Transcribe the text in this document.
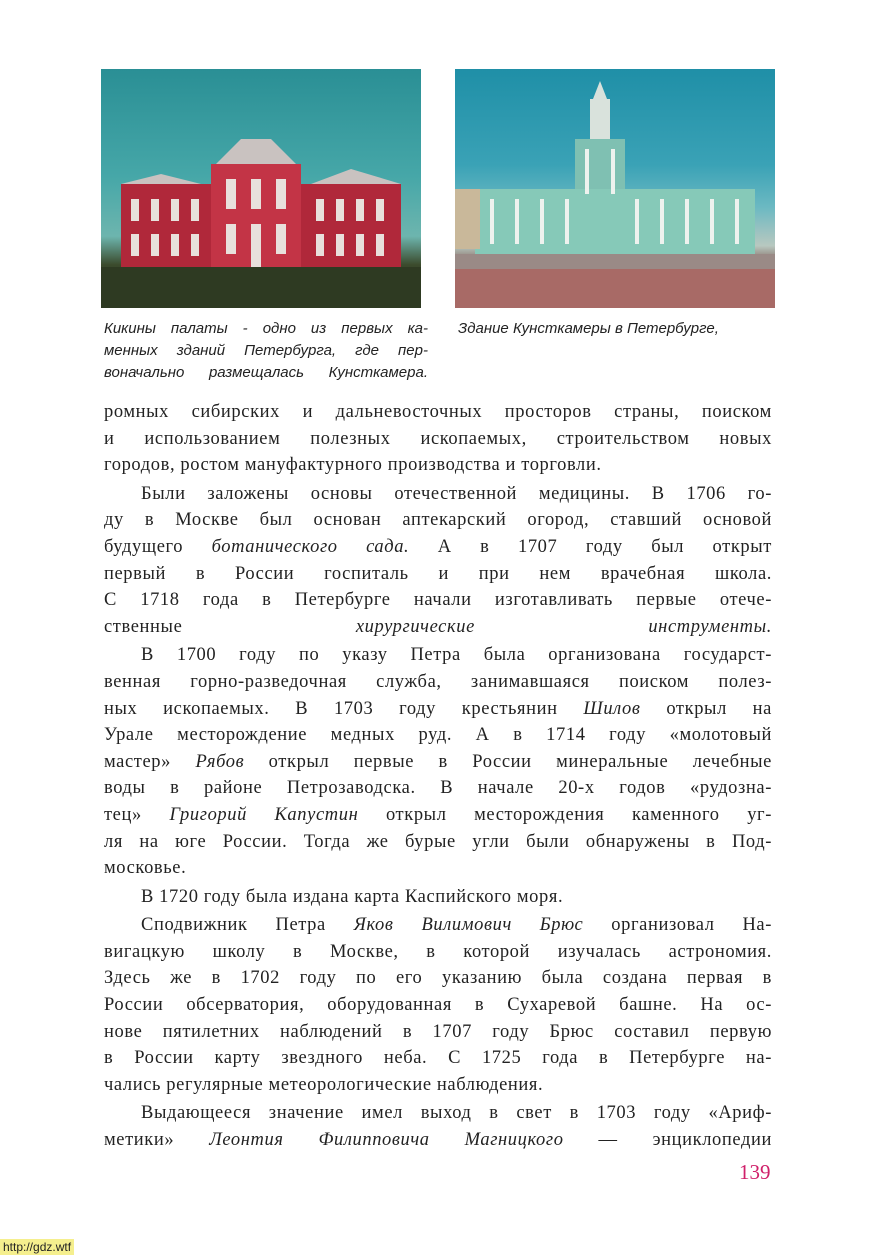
Кикины палаты - одно из первых ка-
менных зданий Петербурга, где пер-
воначально размещалась Кунсткамера.
Здание Кунсткамеры в Петербурге,
ромных сибирских и дальневосточных просторов страны, поиском
и использованием полезных ископаемых, строительством новых
городов, ростом мануфактурного производства и торговли.
Были заложены основы отечественной медицины. В 1706 го-
ду в Москве был основан аптекарский огород, ставший основой
будущего ботанического сада. А в 1707 году был открыт
первый в России госпиталь и при нем врачебная школа.
С 1718 года в Петербурге начали изготавливать первые отече-
ственные хирургические инструменты.
В 1700 году по указу Петра была организована государст-
венная горно-разведочная служба, занимавшаяся поиском полез-
ных ископаемых. В 1703 году крестьянин Шилов открыл на
Урале месторождение медных руд. А в 1714 году «молотовый
мастер» Рябов открыл первые в России минеральные лечебные
воды в районе Петрозаводска. В начале 20-х годов «рудозна-
тец» Григорий Капустин открыл месторождения каменного уг-
ля на юге России. Тогда же бурые угли были обнаружены в Под-
московье.
В 1720 году была издана карта Каспийского моря.
Сподвижник Петра Яков Вилимович Брюс организовал На-
вигацкую школу в Москве, в которой изучалась астрономия.
Здесь же в 1702 году по его указанию была создана первая в
России обсерватория, оборудованная в Сухаревой башне. На ос-
нове пятилетних наблюдений в 1707 году Брюс составил первую
в России карту звездного неба. С 1725 года в Петербурге на-
чались регулярные метеорологические наблюдения.
Выдающееся значение имел выход в свет в 1703 году «Ариф-
метики» Леонтия Филипповича Магницкого — энциклопедии
139
http://gdz.wtf
